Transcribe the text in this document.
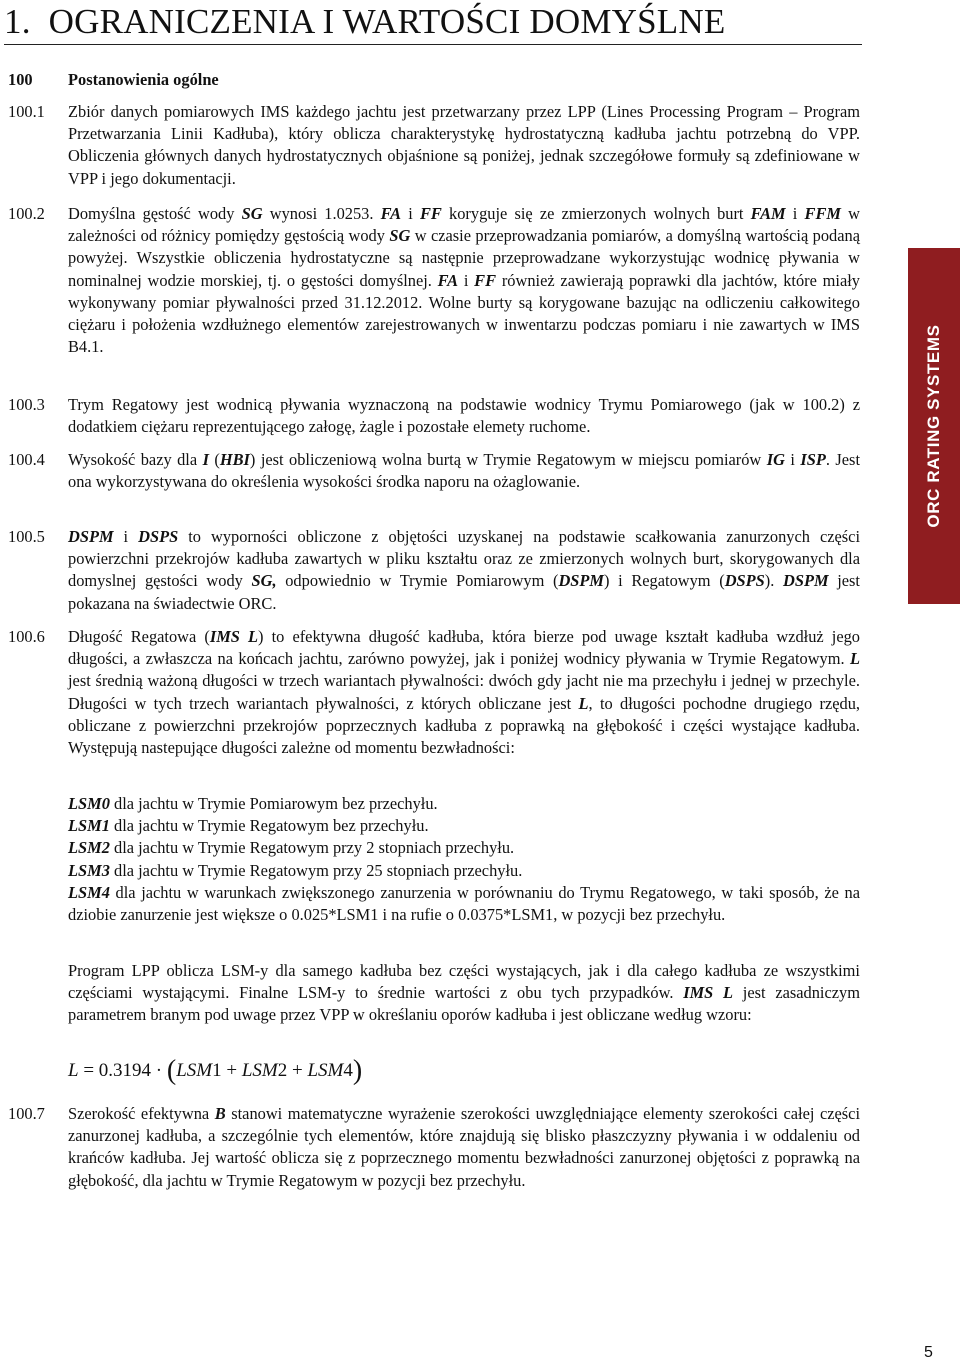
1. OGRANICZENIA I WARTOŚCI DOMYŚLNE
100 Postanowienia ogólne
100.1 Zbiór danych pomiarowych IMS każdego jachtu jest przetwarzany przez LPP (Lines Processing Program – Program Przetwarzania Linii Kadłuba), który oblicza charakterystykę hydrostatyczną kadłuba jachtu potrzebną do VPP. Obliczenia głównych danych hydrostatycznych objaśnione są poniżej, jednak szczegółowe formuły są zdefiniowane w VPP i jego dokumentacji.
100.2 Domyślna gęstość wody SG wynosi 1.0253. FA i FF koryguje się ze zmierzonych wolnych burt FAM i FFM w zależności od różnicy pomiędzy gęstością wody SG w czasie przeprowadzania pomiarów, a domyślną wartością podaną powyżej. Wszystkie obliczenia hydrostatyczne są następnie przeprowadzane wykorzystując wodnicę pływania w nominalnej wodzie morskiej, tj. o gęstości domyślnej. FA i FF również zawierają poprawki dla jachtów, które miały wykonywany pomiar pływalności przed 31.12.2012. Wolne burty są korygowane bazując na odliczeniu całkowitego ciężaru i położenia wzdłużnego elementów zarejestrowanych w inwentarzu podczas pomiaru i nie zawartych w IMS B4.1.
100.3 Trym Regatowy jest wodnicą pływania wyznaczoną na podstawie wodnicy Trymu Pomiarowego (jak w 100.2) z dodatkiem ciężaru reprezentującego załogę, żagle i pozostałe elemety ruchome.
100.4 Wysokość bazy dla I (HBI) jest obliczeniową wolna burtą w Trymie Regatowym w miejscu pomiarów IG i ISP. Jest ona wykorzystywana do określenia wysokości środka naporu na ożaglowanie.
100.5 DSPM i DSPS to wyporności obliczone z objętości uzyskanej na podstawie scałkowania zanurzonych części powierzchni przekrojów kadłuba zawartych w pliku kształtu oraz ze zmierzonych wolnych burt, skorygowanych dla domyslnej gęstości wody SG, odpowiednio w Trymie Pomiarowym (DSPM) i Regatowym (DSPS). DSPM jest pokazana na świadectwie ORC.
100.6 Długość Regatowa (IMS L) to efektywna długość kadłuba, która bierze pod uwage kształt kadłuba wzdłuż jego długości, a zwłaszcza na końcach jachtu, zarówno powyżej, jak i poniżej wodnicy pływania w Trymie Regatowym. L jest średnią ważoną długości w trzech wariantach pływalności: dwóch gdy jacht nie ma przechyłu i jednej w przechyle. Długości w tych trzech wariantach pływalności, z których obliczane jest L, to długości pochodne drugiego rzędu, obliczane z powierzchni przekrojów poprzecznych kadłuba z poprawką na głębokość i części wystające kadłuba. Występują nastepujące długości zależne od momentu bezwładności:
LSM0 dla jachtu w Trymie Pomiarowym bez przechyłu.
LSM1 dla jachtu w Trymie Regatowym bez przechyłu.
LSM2 dla jachtu w Trymie Regatowym przy 2 stopniach przechyłu.
LSM3 dla jachtu w Trymie Regatowym przy 25 stopniach przechyłu.
LSM4 dla jachtu w warunkach zwiększonego zanurzenia w porównaniu do Trymu Regatowego, w taki sposób, że na dziobie zanurzenie jest większe o 0.025*LSM1 i na rufie o 0.0375*LSM1, w pozycji bez przechyłu.
Program LPP oblicza LSM-y dla samego kadłuba bez części wystających, jak i dla całego kadłuba ze wszystkimi częściami wystającymi. Finalne LSM-y to średnie wartości z obu tych przypadków. IMS L jest zasadniczym parametrem branym pod uwage przez VPP w określaniu oporów kadłuba i jest obliczane według wzoru:
L = 0.3194 · (LSM1 + LSM2 + LSM4)
100.7 Szerokość efektywna B stanowi matematyczne wyrażenie szerokości uwzględniające elementy szerokości całej części zanurzonej kadłuba, a szczególnie tych elementów, które znajdują się blisko płaszczyzny pływania i w oddaleniu od krańców kadłuba. Jej wartość oblicza się z poprzecznego momentu bezwładności zanurzonej objętości z poprawką na głębokość, dla jachtu w Trymie Regatowym w pozycji bez przechyłu.
ORC RATING SYSTEMS
5
